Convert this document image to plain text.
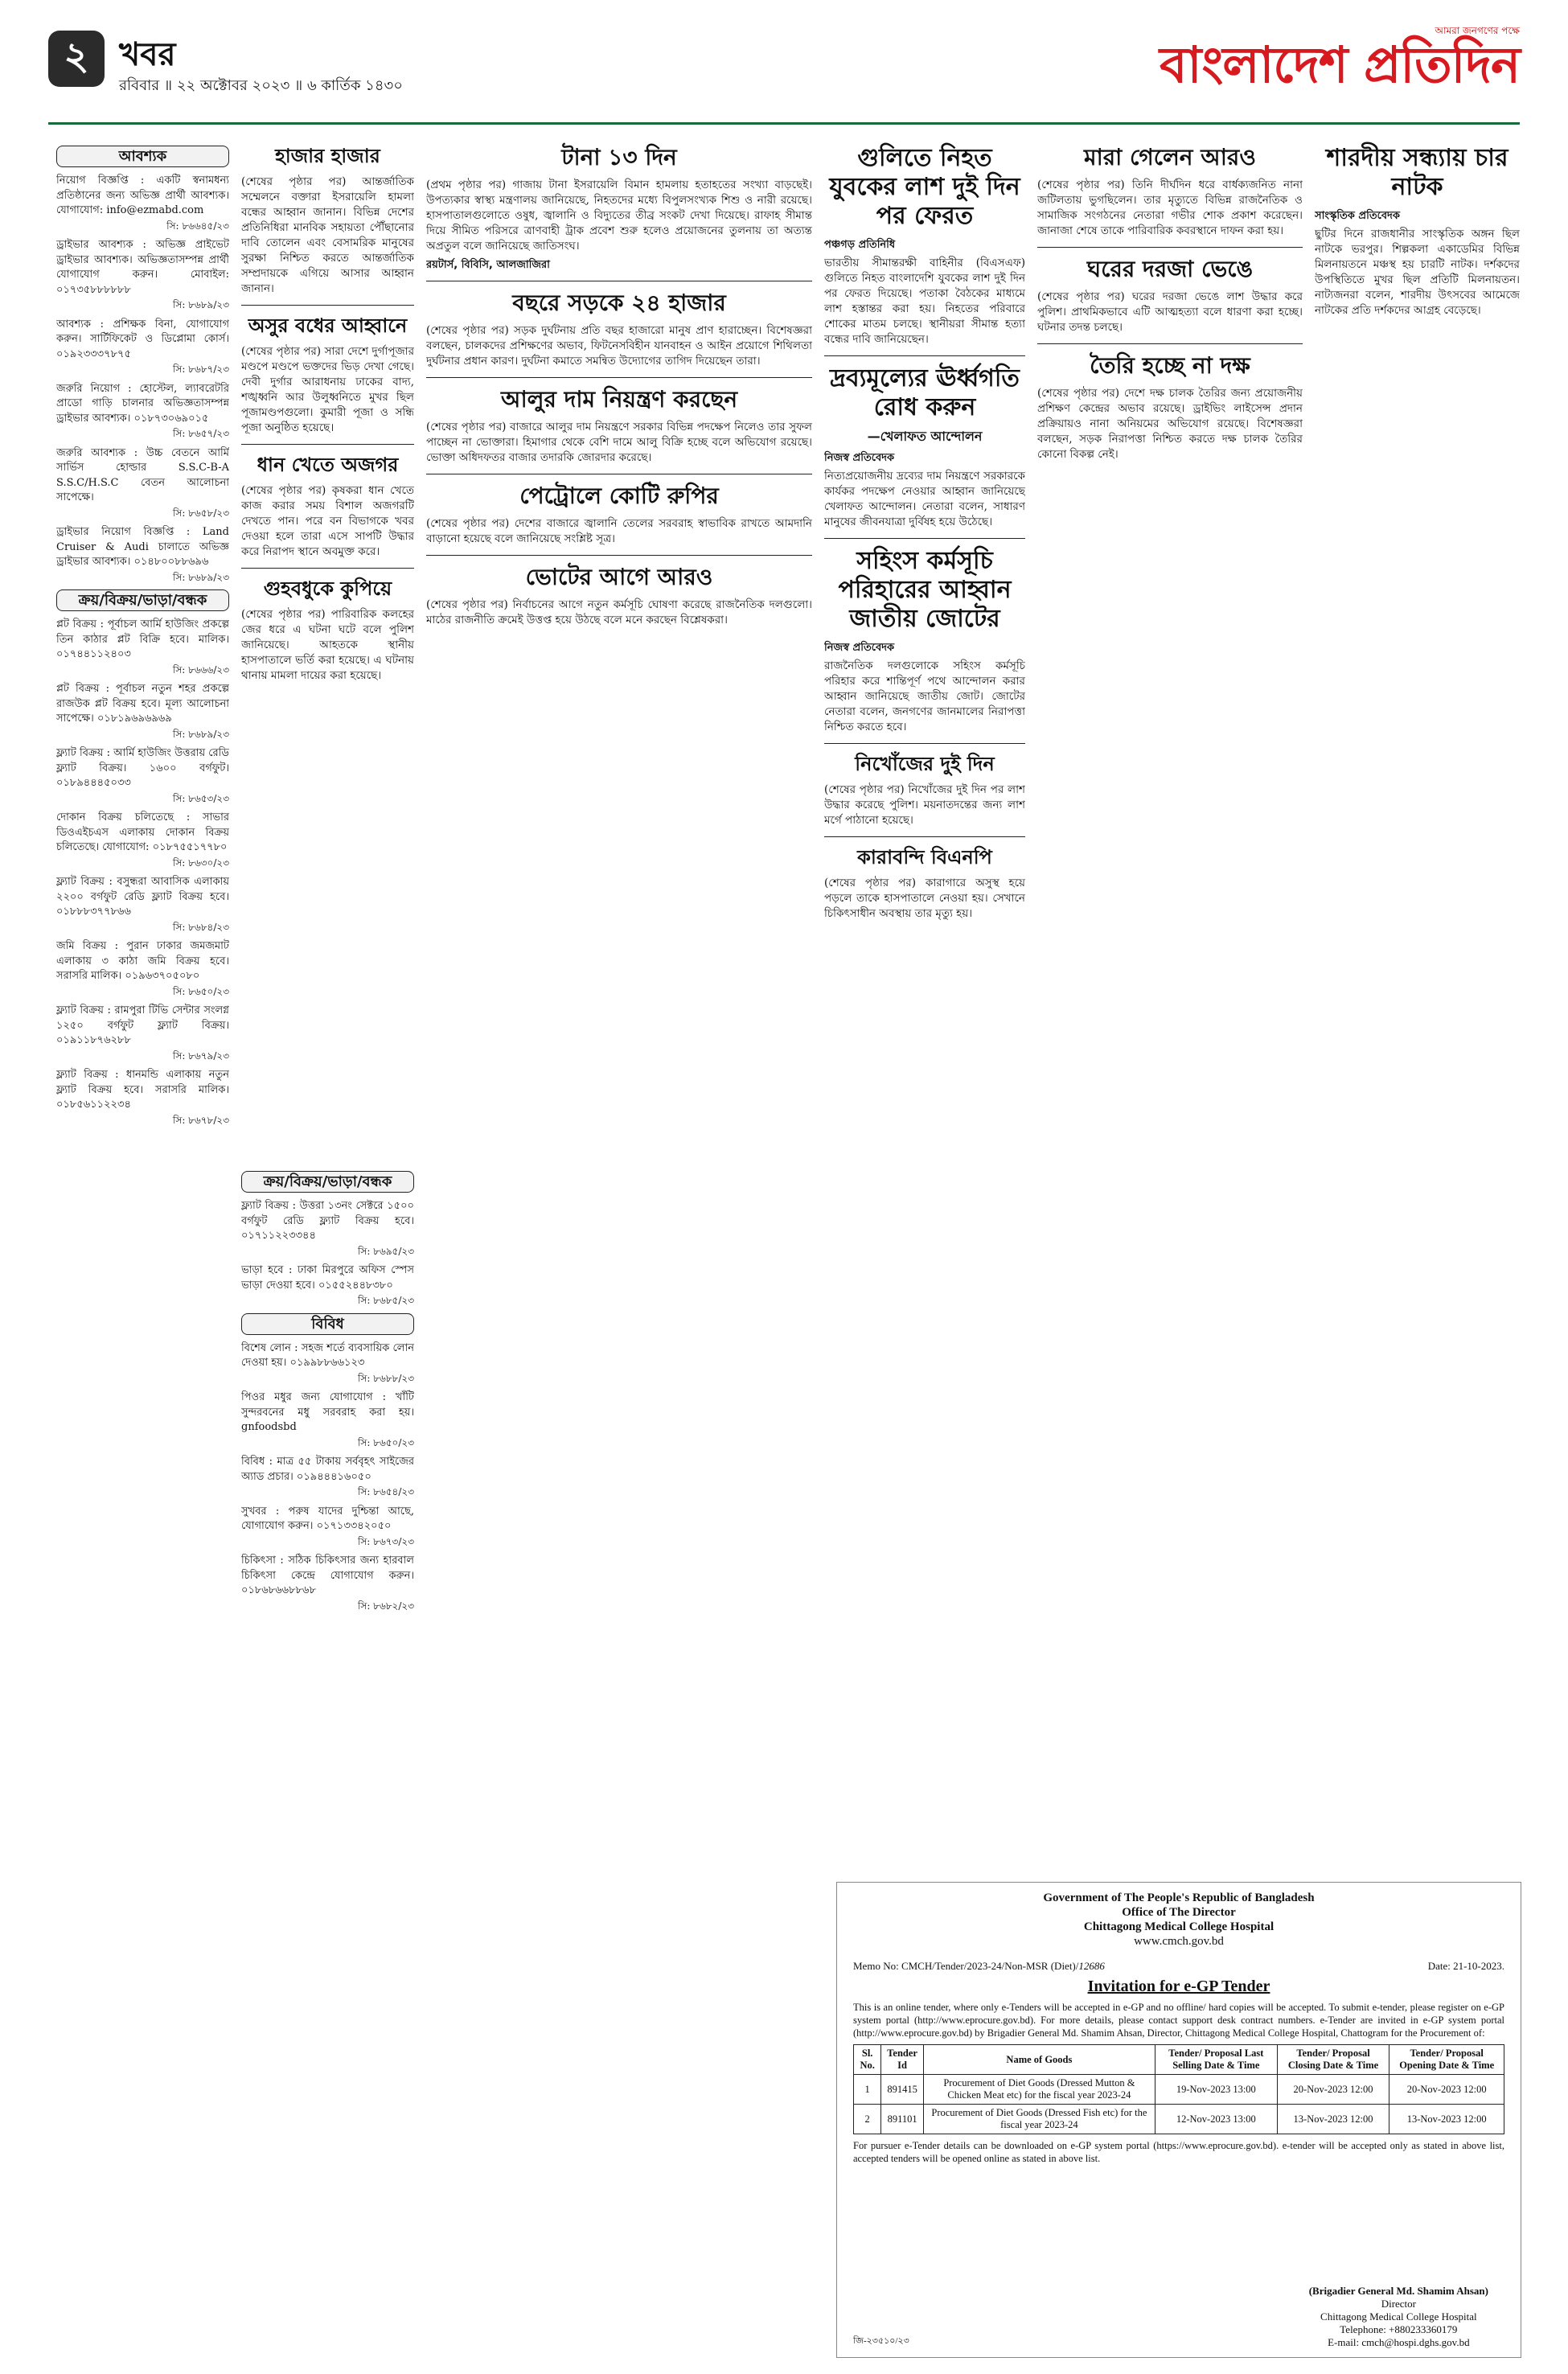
২ খবর
রবিবার ॥ ২২ অক্টোবর ২০২৩ ॥ ৬ কার্তিক ১৪৩০
আমরা জনগণের পক্ষে
বাংলাদেশ প্রতিদিন
আবশ্যক
নিয়োগ বিজ্ঞপ্তি : একটি স্বনামধন্য প্রতিষ্ঠানের জন্য অভিজ্ঞ প্রার্থী আবশ্যক। যোগাযোগ: info@ezmabd.com
সি: ৮৬৬৪৫/২৩
ড্রাইভার আবশ্যক : অভিজ্ঞ প্রাইভেট ড্রাইভার আবশ্যক। অভিজ্ঞতাসম্পন্ন প্রার্থী যোগাযোগ করুন। মোবাইল: ০১৭৩৫৮৮৮৮৮৮
সি: ৮৬৮৯/২৩
আবশ্যক : প্রশিক্ষক বিনা, যোগাযোগ করুন। সার্টিফিকেট ও ডিপ্লোমা কোর্স। ০১৯২৩৩৩৭৮৭৫
সি: ৮৬৮৭/২৩
জরুরি নিয়োগ : হোস্টেল, ল্যাবরেটরি প্রাডো গাড়ি চালনার অভিজ্ঞতাসম্পন্ন ড্রাইভার আবশ্যক। ০১৮৭৩০৬৯০১৫
সি: ৮৬৫৭/২৩
জরুরি আবশ্যক : উচ্চ বেতনে আর্মি সার্ভিস হোল্ডার S.S.C-B-A S.S.C/H.S.C বেতন আলোচনা সাপেক্ষে।
সি: ৮৬৫৮/২৩
ড্রাইভার নিয়োগ বিজ্ঞপ্তি : Land Cruiser & Audi চালাতে অভিজ্ঞ ড্রাইভার আবশ্যক। ০১৪৮০০৮৮৬৯৬
সি: ৮৬৮৯/২৩
ক্রয়/বিক্রয়/ভাড়া/বন্ধক
প্লট বিক্রয় : পূর্বাচল আর্মি হাউজিং প্রকল্পে তিন কাঠার প্লট বিক্রি হবে। মালিক। ০১৭৪৪১১২৪০৩
সি: ৮৬৬৬/২৩
প্লট বিক্রয় : পূর্বাচল নতুন শহর প্রকল্পে রাজউক প্লট বিক্রয় হবে। মূল্য আলোচনা সাপেক্ষে। ০১৮১৯৬৯৬৯৬৯
সি: ৮৬৮৯/২৩
ফ্ল্যাট বিক্রয় : আর্মি হাউজিং উত্তরায় রেডি ফ্ল্যাট বিক্রয়। ১৬০০ বর্গফুট। ০১৮৯৪৪৪৫০৩৩
সি: ৮৬৫৩/২৩
দোকান বিক্রয় চলিতেছে : সাভার ডিওএইচএস এলাকায় দোকান বিক্রয় চলিতেছে। যোগাযোগ: ০১৮৭৫৫১৭৭৮০
সি: ৮৬৩০/২৩
ফ্ল্যাট বিক্রয় : বসুন্ধরা আবাসিক এলাকায় ২২০০ বর্গফুট রেডি ফ্ল্যাট বিক্রয় হবে। ০১৮৮৮৩৭৭৮৬৬
সি: ৮৬৮৪/২৩
জমি বিক্রয় : পুরান ঢাকার জমজমাট এলাকায় ৩ কাঠা জমি বিক্রয় হবে। সরাসরি মালিক। ০১৯৬৩৭০৫০৮০
সি: ৮৬৫০/২৩
ফ্ল্যাট বিক্রয় : রামপুরা টিভি সেন্টার সংলগ্ন ১২৫০ বর্গফুট ফ্ল্যাট বিক্রয়। ০১৯১১৮৭৬২৮৮
সি: ৮৬৭৯/২৩
ফ্ল্যাট বিক্রয় : ধানমন্ডি এলাকায় নতুন ফ্ল্যাট বিক্রয় হবে। সরাসরি মালিক। ০১৮৫৬১১২২৩৪
সি: ৮৬৭৮/২৩
হাজার হাজার

(শেষের পৃষ্ঠার পর) আন্তর্জাতিক সম্মেলনে বক্তারা ইসরায়েলি হামলা বন্ধের আহ্বান জানান। বিভিন্ন দেশের প্রতিনিধিরা মানবিক সহায়তা পৌঁছানোর দাবি তোলেন এবং বেসামরিক মানুষের সুরক্ষা নিশ্চিত করতে আন্তর্জাতিক সম্প্রদায়কে এগিয়ে আসার আহ্বান জানান।

অসুর বধের আহ্বানে

(শেষের পৃষ্ঠার পর) সারা দেশে দুর্গাপূজার মণ্ডপে মণ্ডপে ভক্তদের ভিড় দেখা গেছে। দেবী দুর্গার আরাধনায় ঢাকের বাদ্য, শঙ্খধ্বনি আর উলুধ্বনিতে মুখর ছিল পূজামণ্ডপগুলো। কুমারী পূজা ও সন্ধি পূজা অনুষ্ঠিত হয়েছে।

ধান খেতে অজগর

(শেষের পৃষ্ঠার পর) কৃষকরা ধান খেতে কাজ করার সময় বিশাল অজগরটি দেখতে পান। পরে বন বিভাগকে খবর দেওয়া হলে তারা এসে সাপটি উদ্ধার করে নিরাপদ স্থানে অবমুক্ত করে।

গুহবধুকে কুপিয়ে

(শেষের পৃষ্ঠার পর) পারিবারিক কলহের জের ধরে এ ঘটনা ঘটে বলে পুলিশ জানিয়েছে। আহতকে স্থানীয় হাসপাতালে ভর্তি করা হয়েছে। এ ঘটনায় থানায় মামলা দায়ের করা হয়েছে।

ক্রয়/বিক্রয়/ভাড়া/বন্ধক
ফ্ল্যাট বিক্রয় : উত্তরা ১৩নং সেক্টরে ১৫০০ বর্গফুট রেডি ফ্ল্যাট বিক্রয় হবে। ০১৭১১২২৩৩৪৪
সি: ৮৬৯৫/২৩
ভাড়া হবে : ঢাকা মিরপুরে অফিস স্পেস ভাড়া দেওয়া হবে। ০১৫৫২৪৪৮৩৮০
সি: ৮৬৮৫/২৩
বিবিধ
বিশেষ লোন : সহজ শর্তে ব্যবসায়িক লোন দেওয়া হয়। ০১৯৯৮৮৬৬১২৩
সি: ৮৬৮৮/২৩
পিওর মধুর জন্য যোগাযোগ : খাঁটি সুন্দরবনের মধু সরবরাহ করা হয়। gnfoodsbd
সি: ৮৬৫০/২৩
বিবিধ : মাত্র ৫৫ টাকায় সর্ববৃহৎ সাইজের অ্যাড প্রচার। ০১৯৪৪৪১৬০৫০
সি: ৮৬৫৪/২৩
সুখবর : পরুষ যাদের দুশ্চিন্তা আছে, যোগাযোগ করুন। ০১৭১৩৩৪২০৫০
সি: ৮৬৭৩/২৩
চিকিৎসা : সঠিক চিকিৎসার জন্য হারবাল চিকিৎসা কেন্দ্রে যোগাযোগ করুন। ০১৮৬৮৬৬৮৮৬৮
সি: ৮৬৮২/২৩
টানা ১৩ দিন

(প্রথম পৃষ্ঠার পর) গাজায় টানা ইসরায়েলি বিমান হামলায় হতাহতের সংখ্যা বাড়ছেই। উপত্যকার স্বাস্থ্য মন্ত্রণালয় জানিয়েছে, নিহতদের মধ্যে বিপুলসংখ্যক শিশু ও নারী রয়েছে। হাসপাতালগুলোতে ওষুধ, জ্বালানি ও বিদ্যুতের তীব্র সংকট দেখা দিয়েছে। রাফাহ সীমান্ত দিয়ে সীমিত পরিসরে ত্রাণবাহী ট্রাক প্রবেশ শুরু হলেও প্রয়োজনের তুলনায় তা অত্যন্ত অপ্রতুল বলে জানিয়েছে জাতিসংঘ।

রয়টার্স, বিবিসি, আলজাজিরা
বছরে সড়কে ২৪ হাজার

(শেষের পৃষ্ঠার পর) সড়ক দুর্ঘটনায় প্রতি বছর হাজারো মানুষ প্রাণ হারাচ্ছেন। বিশেষজ্ঞরা বলছেন, চালকদের প্রশিক্ষণের অভাব, ফিটনেসবিহীন যানবাহন ও আইন প্রয়োগে শিথিলতা দুর্ঘটনার প্রধান কারণ। দুর্ঘটনা কমাতে সমন্বিত উদ্যোগের তাগিদ দিয়েছেন তারা।

আলুর দাম নিয়ন্ত্রণ করছেন

(শেষের পৃষ্ঠার পর) বাজারে আলুর দাম নিয়ন্ত্রণে সরকার বিভিন্ন পদক্ষেপ নিলেও তার সুফল পাচ্ছেন না ভোক্তারা। হিমাগার থেকে বেশি দামে আলু বিক্রি হচ্ছে বলে অভিযোগ রয়েছে। ভোক্তা অধিদফতর বাজার তদারকি জোরদার করেছে।

পেট্রোলে কোটি রুপির

(শেষের পৃষ্ঠার পর) দেশের বাজারে জ্বালানি তেলের সরবরাহ স্বাভাবিক রাখতে আমদানি বাড়ানো হয়েছে বলে জানিয়েছে সংশ্লিষ্ট সূত্র।

ভোটের আগে আরও

(শেষের পৃষ্ঠার পর) নির্বাচনের আগে নতুন কর্মসূচি ঘোষণা করেছে রাজনৈতিক দলগুলো। মাঠের রাজনীতি ক্রমেই উত্তপ্ত হয়ে উঠছে বলে মনে করছেন বিশ্লেষকরা।

গুলিতে নিহত যুবকের লাশ দুই দিন পর ফেরত
পঞ্চগড় প্রতিনিধি

ভারতীয় সীমান্তরক্ষী বাহিনীর (বিএসএফ) গুলিতে নিহত বাংলাদেশি যুবকের লাশ দুই দিন পর ফেরত দিয়েছে। পতাকা বৈঠকের মাধ্যমে লাশ হস্তান্তর করা হয়। নিহতের পরিবারে শোকের মাতম চলছে। স্থানীয়রা সীমান্ত হত্যা বন্ধের দাবি জানিয়েছেন।

দ্রব্যমূল্যের ঊর্ধ্বগতি রোধ করুন
—খেলাফত আন্দোলন
নিজস্ব প্রতিবেদক

নিত্যপ্রয়োজনীয় দ্রব্যের দাম নিয়ন্ত্রণে সরকারকে কার্যকর পদক্ষেপ নেওয়ার আহ্বান জানিয়েছে খেলাফত আন্দোলন। নেতারা বলেন, সাধারণ মানুষের জীবনযাত্রা দুর্বিষহ হয়ে উঠেছে।

সহিংস কর্মসূচি পরিহারের আহ্বান জাতীয় জোটের
নিজস্ব প্রতিবেদক

রাজনৈতিক দলগুলোকে সহিংস কর্মসূচি পরিহার করে শান্তিপূর্ণ পথে আন্দোলন করার আহ্বান জানিয়েছে জাতীয় জোট। জোটের নেতারা বলেন, জনগণের জানমালের নিরাপত্তা নিশ্চিত করতে হবে।

নিখোঁজের দুই দিন

(শেষের পৃষ্ঠার পর) নিখোঁজের দুই দিন পর লাশ উদ্ধার করেছে পুলিশ। ময়নাতদন্তের জন্য লাশ মর্গে পাঠানো হয়েছে।

কারাবন্দি বিএনপি

(শেষের পৃষ্ঠার পর) কারাগারে অসুস্থ হয়ে পড়লে তাকে হাসপাতালে নেওয়া হয়। সেখানে চিকিৎসাধীন অবস্থায় তার মৃত্যু হয়।

মারা গেলেন আরও

(শেষের পৃষ্ঠার পর) তিনি দীর্ঘদিন ধরে বার্ধক্যজনিত নানা জটিলতায় ভুগছিলেন। তার মৃত্যুতে বিভিন্ন রাজনৈতিক ও সামাজিক সংগঠনের নেতারা গভীর শোক প্রকাশ করেছেন। জানাজা শেষে তাকে পারিবারিক কবরস্থানে দাফন করা হয়।

ঘরের দরজা ভেঙে

(শেষের পৃষ্ঠার পর) ঘরের দরজা ভেঙে লাশ উদ্ধার করে পুলিশ। প্রাথমিকভাবে এটি আত্মহত্যা বলে ধারণা করা হচ্ছে। ঘটনার তদন্ত চলছে।

তৈরি হচ্ছে না দক্ষ

(শেষের পৃষ্ঠার পর) দেশে দক্ষ চালক তৈরির জন্য প্রয়োজনীয় প্রশিক্ষণ কেন্দ্রের অভাব রয়েছে। ড্রাইভিং লাইসেন্স প্রদান প্রক্রিয়ায়ও নানা অনিয়মের অভিযোগ রয়েছে। বিশেষজ্ঞরা বলছেন, সড়ক নিরাপত্তা নিশ্চিত করতে দক্ষ চালক তৈরির কোনো বিকল্প নেই।

শারদীয় সন্ধ্যায় চার নাটক
সাংস্কৃতিক প্রতিবেদক

ছুটির দিনে রাজধানীর সাংস্কৃতিক অঙ্গন ছিল নাটকে ভরপুর। শিল্পকলা একাডেমির বিভিন্ন মিলনায়তনে মঞ্চস্থ হয় চারটি নাটক। দর্শকদের উপস্থিতিতে মুখর ছিল প্রতিটি মিলনায়তন। নাট্যজনরা বলেন, শারদীয় উৎসবের আমেজে নাটকের প্রতি দর্শকদের আগ্রহ বেড়েছে।

Government of The People's Republic of Bangladesh
Office of The Director
Chittagong Medical College Hospital
www.cmch.gov.bd
Memo No: CMCH/Tender/2023-24/Non-MSR (Diet)/12686	Date: 21-10-2023.
Invitation for e-GP Tender
This is an online tender, where only e-Tenders will be accepted in e-GP and no offline/ hard copies will be accepted. To submit e-tender, please register on e-GP system portal (http://www.eprocure.gov.bd). For more details, please contact support desk contract numbers. e-Tender are invited in e-GP system portal (http://www.eprocure.gov.bd) by Brigadier General Md. Shamim Ahsan, Director, Chittagong Medical College Hospital, Chattogram for the Procurement of:
Sl. No.	Tender Id	Name of Goods	Tender/ Proposal Last Selling Date & Time	Tender/ Proposal Closing Date & Time	Tender/ Proposal Opening Date & Time
1	891415	Procurement of Diet Goods (Dressed Mutton & Chicken Meat etc) for the fiscal year 2023-24	19-Nov-2023 13:00	20-Nov-2023 12:00	20-Nov-2023 12:00
2	891101	Procurement of Diet Goods (Dressed Fish etc) for the fiscal year 2023-24	12-Nov-2023 13:00	13-Nov-2023 12:00	13-Nov-2023 12:00
For pursuer e-Tender details can be downloaded on e-GP system portal (https://www.eprocure.gov.bd). e-tender will be accepted only as stated in above list, accepted tenders will be opened online as stated in above list.
(Brigadier General Md. Shamim Ahsan)
Director
Chittagong Medical College Hospital
Telephone: +880233360179
E-mail: cmch@hospi.dghs.gov.bd
জি-২৩৫১০/২৩
